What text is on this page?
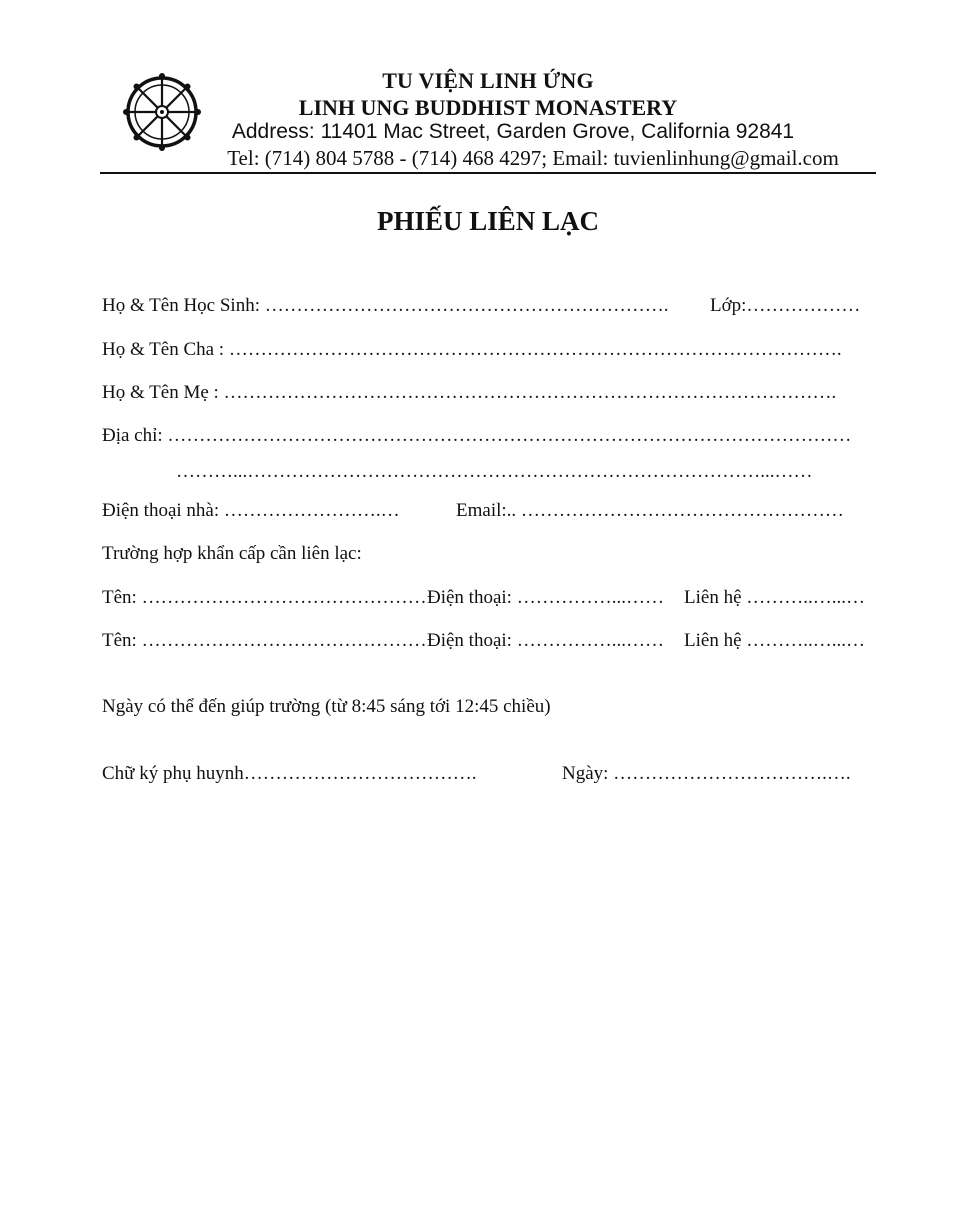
TU VIỆN LINH ỨNG
LINH UNG BUDDHIST MONASTERY
Address: 11401 Mac Street, Garden Grove, California 92841
Tel: (714) 804 5788 - (714) 468 4297; Email: tuvienlinhung@gmail.com
PHIẾU LIÊN LẠC
Họ & Tên Học Sinh: ………………………………………………………. Lớp:………………
Họ & Tên Cha : …………………………………………………………………………………….
Họ & Tên Mẹ : …………………………………………………………………………………….
Địa chỉ: ………………………………………………………………………………………………
………...………………………………………………………………………...……
Điện thoại nhà: …………………….…	Email:.. ……………………………………………
Trường hợp khẩn cấp cần liên lạc:
Tên: ……………………………………… Điện thoại: ……………...…… Liên hệ ………..…...…
Tên: ……………………………………… Điện thoại: ……………...…… Liên hệ ………..…...…
Ngày có thể đến giúp trường (từ 8:45 sáng tới 12:45 chiều)
Chữ ký phụ huynh……………………………….	Ngày: …………………………….….
